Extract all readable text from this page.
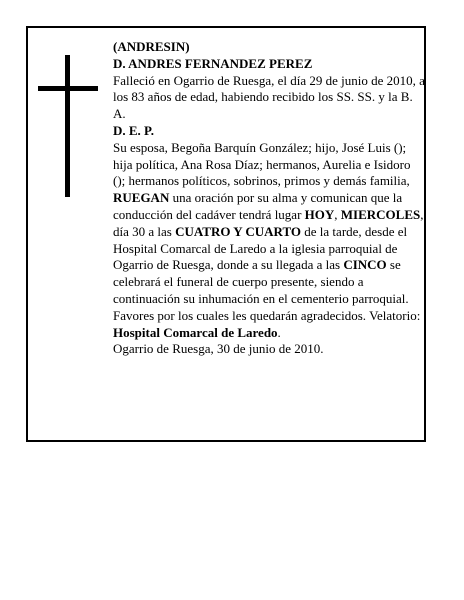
(ANDRESIN)

D. ANDRES FERNANDEZ PEREZ

Falleció en Ogarrio de Ruesga, el día 29 de junio de 2010, a los 83 años de edad, habiendo recibido los SS. SS. y la B. A.

D. E. P.

Su esposa, Begoña Barquín González; hijo, José Luis (); hija política, Ana Rosa Díaz; hermanos, Aurelia e Isidoro (); hermanos políticos, sobrinos, primos y demás familia,

RUEGAN una oración por su alma y comunican que la conducción del cadáver tendrá lugar HOY, MIERCOLES, día 30 a las CUATRO Y CUARTO de la tarde, desde el Hospital Comarcal de Laredo a la iglesia parroquial de Ogarrio de Ruesga, donde a su llegada a las CINCO se celebrará el funeral de cuerpo presente, siendo a continuación su inhumación en el cementerio parroquial. Favores por los cuales les quedarán agradecidos. Velatorio: Hospital Comarcal de Laredo.

Ogarrio de Ruesga, 30 de junio de 2010.
